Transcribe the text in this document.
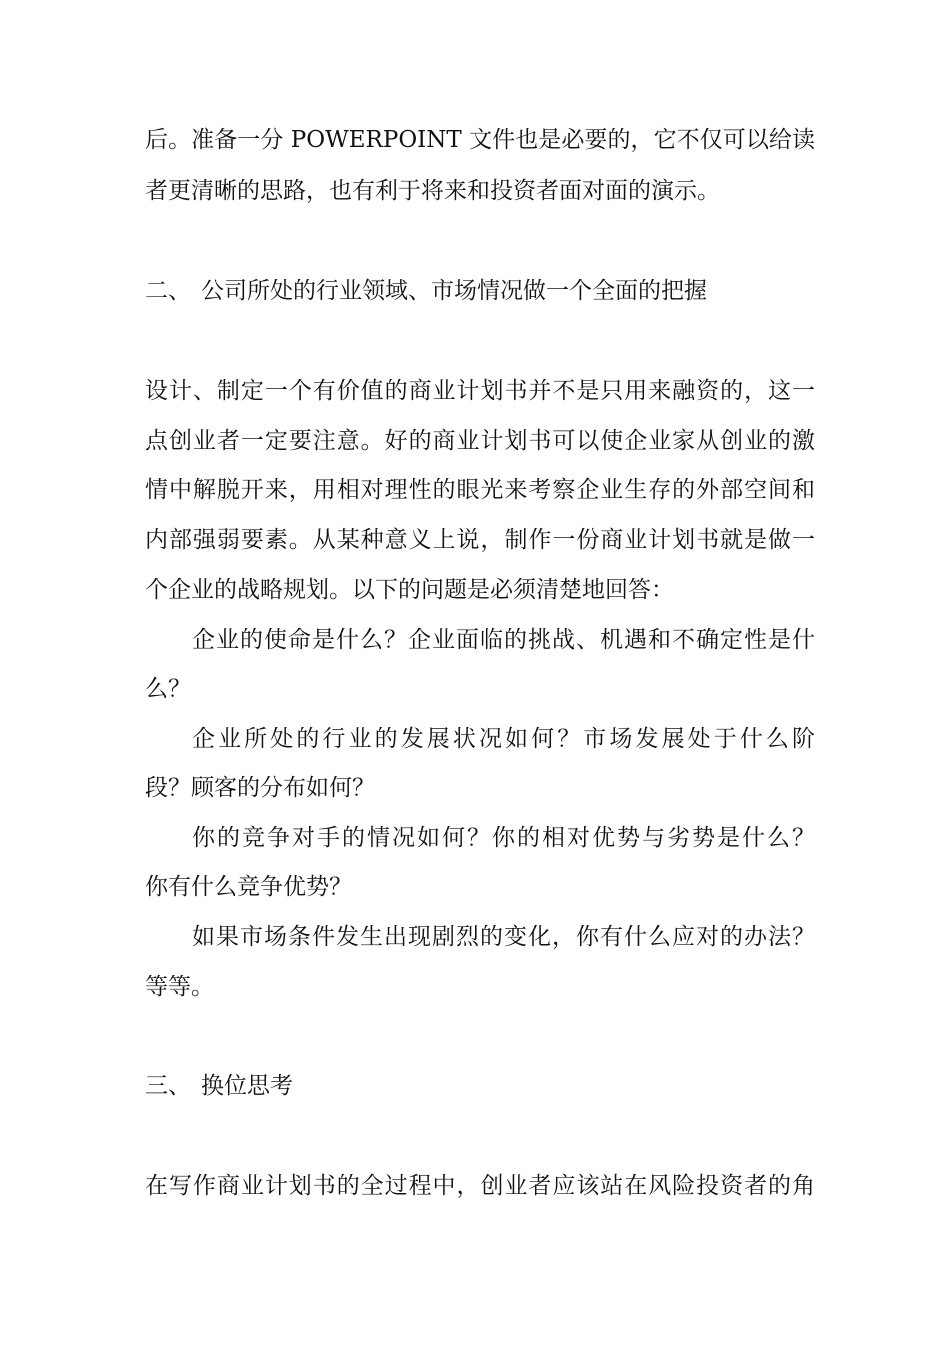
后。准备一分 POWERPOINT 文件也是必要的，它不仅可以给读
者更清晰的思路，也有利于将来和投资者面对面的演示。
二、 公司所处的行业领域、市场情况做一个全面的把握
设计、制定一个有价值的商业计划书并不是只用来融资的，这一
点创业者一定要注意。好的商业计划书可以使企业家从创业的激
情中解脱开来，用相对理性的眼光来考察企业生存的外部空间和
内部强弱要素。从某种意义上说，制作一份商业计划书就是做一
个企业的战略规划。以下的问题是必须清楚地回答：
企业的使命是什么？企业面临的挑战、机遇和不确定性是什
么？
企业所处的行业的发展状况如何？市场发展处于什么阶
段？顾客的分布如何？
你的竞争对手的情况如何？你的相对优势与劣势是什么？
你有什么竞争优势？
如果市场条件发生出现剧烈的变化，你有什么应对的办法？
等等。
三、 换位思考
在写作商业计划书的全过程中，创业者应该站在风险投资者的角
